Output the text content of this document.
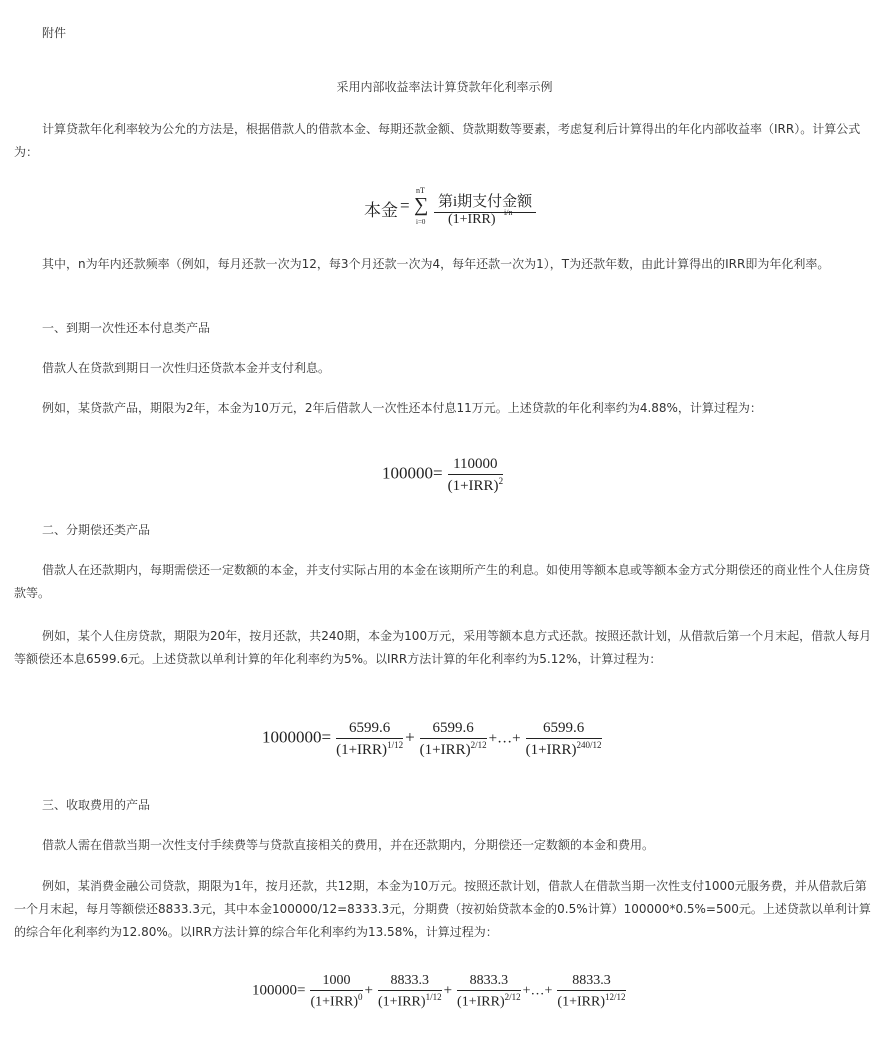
附件
采用内部收益率法计算贷款年化利率示例
计算贷款年化利率较为公允的方法是，根据借款人的借款本金、每期还款金额、贷款期数等要素，考虑复利后计算得出的年化内部收益率（IRR）。计算公式为：
本金 =
nT
∑
i=0
第i期支付金额
(1+IRR) i/n
其中，n为年内还款频率（例如，每月还款一次为12，每3个月还款一次为4，每年还款一次为1），T为还款年数，由此计算得出的IRR即为年化利率。
一、到期一次性还本付息类产品
借款人在贷款到期日一次性归还贷款本金并支付利息。
例如，某贷款产品，期限为2年，本金为10万元，2年后借款人一次性还本付息11万元。上述贷款的年化利率约为4.88%，计算过程为：
$100000= \frac{110000}{(1+IRR)^2}$
二、分期偿还类产品
借款人在还款期内，每期需偿还一定数额的本金，并支付实际占用的本金在该期所产生的利息。如使用等额本息或等额本金方式分期偿还的商业性个人住房贷款等。
例如，某个人住房贷款，期限为20年，按月还款，共240期，本金为100万元，采用等额本息方式还款。按照还款计划，从借款后第一个月末起，借款人每月等额偿还本息6599.6元。上述贷款以单利计算的年化利率约为5%。以IRR方法计算的年化利率约为5.12%，计算过程为：
$1000000= \frac{6599.6}{(1+IRR)^{1/12}} + \frac{6599.6}{(1+IRR)^{2/12}}$ +…+ $\frac{6599.6}{(1+IRR)^{240/12}}$
三、收取费用的产品
借款人需在借款当期一次性支付手续费等与贷款直接相关的费用，并在还款期内，分期偿还一定数额的本金和费用。
例如，某消费金融公司贷款，期限为1年，按月还款，共12期，本金为10万元。按照还款计划，借款人在借款当期一次性支付1000元服务费，并从借款后第一个月末起，每月等额偿还8833.3元，其中本金100000/12=8333.3元，分期费（按初始贷款本金的0.5%计算）100000*0.5%=500元。上述贷款以单利计算的综合年化利率约为12.80%。以IRR方法计算的综合年化利率约为13.58%，计算过程为：
$100000= \frac{1000}{(1+IRR)^0} + \frac{8833.3}{(1+IRR)^{1/12}} + \frac{8833.3}{(1+IRR)^{2/12}}$ +…+ $\frac{8833.3}{(1+IRR)^{12/12}}$
